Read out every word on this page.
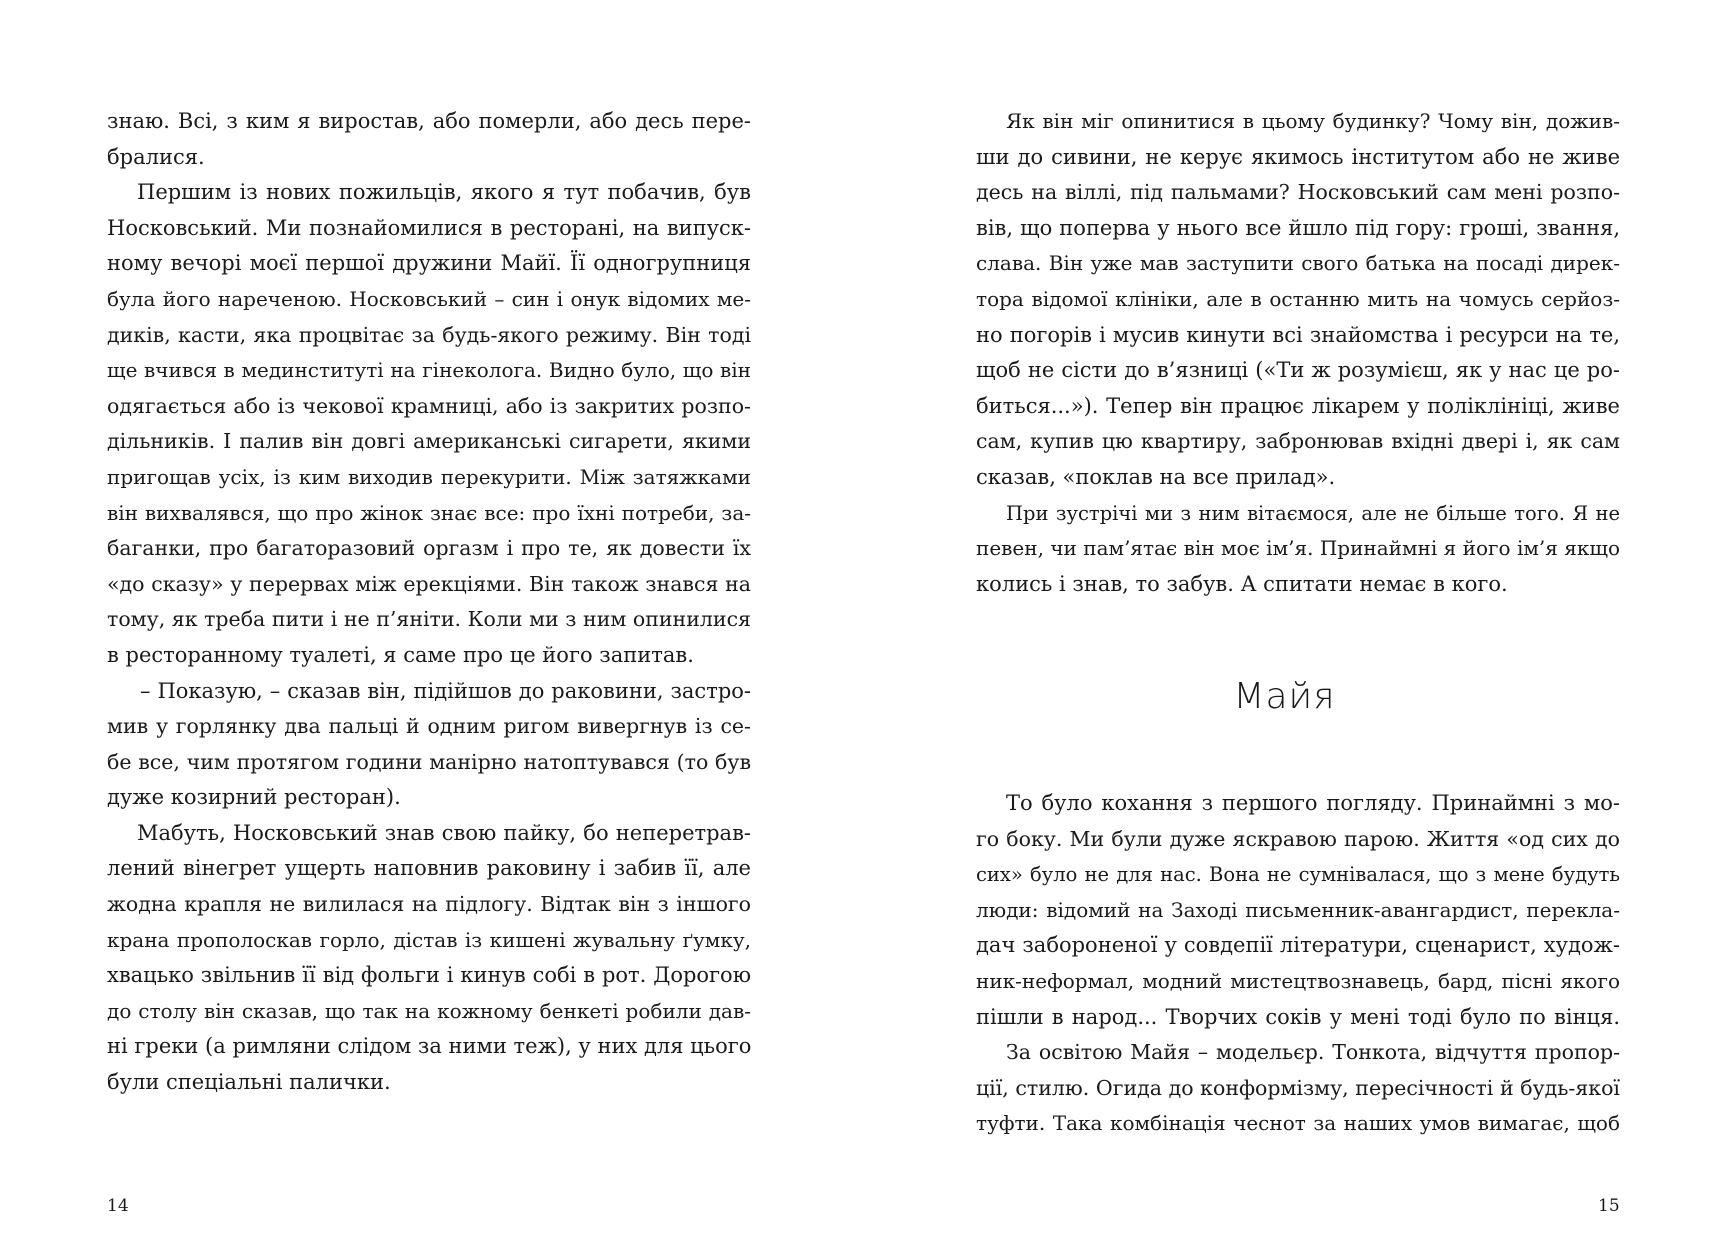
знаю. Всі, з ким я виростав, або померли, або десь пере-
бралися.
Першим із нових пожильців, якого я тут побачив, був
Носковський. Ми познайомилися в ресторані, на випуск-
ному вечорі моєї першої дружини Майї. Її одногрупниця
була його нареченою. Носковський – син і онук відомих ме-
диків, касти, яка процвітає за будь-якого режиму. Він тоді
ще вчився в мединституті на гінеколога. Видно було, що він
одягається або із чекової крамниці, або із закритих розпо-
дільників. І палив він довгі американські сигарети, якими
пригощав усіх, із ким виходив перекурити. Між затяжками
він вихвалявся, що про жінок знає все: про їхні потреби, за-
баганки, про багаторазовий оргазм і про те, як довести їх
«до сказу» у перервах між ерекціями. Він також знався на
тому, як треба пити і не п’яніти. Коли ми з ним опинилися
в ресторанному туалеті, я саме про це його запитав.
– Показую, – сказав він, підійшов до раковини, застро-
мив у горлянку два пальці й одним ригом вивергнув із се-
бе все, чим протягом години манірно натоптувався (то був
дуже козирний ресторан).
Мабуть, Носковський знав свою пайку, бо неперетрав-
лений вінегрет ущерть наповнив раковину і забив її, але
жодна крапля не вилилася на підлогу. Відтак він з іншого
крана прополоскав горло, дістав із кишені жувальну ґумку,
хвацько звільнив її від фольги і кинув собі в рот. Дорогою
до столу він сказав, що так на кожному бенкеті робили дав-
ні греки (а римляни слідом за ними теж), у них для цього
були спеціальні палички.
14
Як він міг опинитися в цьому будинку? Чому він, дожив-
ши до сивини, не керує якимось інститутом або не живе
десь на віллі, під пальмами? Носковський сам мені розпо-
вів, що поперва у нього все йшло під гору: гроші, звання,
слава. Він уже мав заступити свого батька на посаді дирек-
тора відомої клініки, але в останню мить на чомусь серйоз-
но погорів і мусив кинути всі знайомства і ресурси на те,
щоб не сісти до в’язниці («Ти ж розумієш, як у нас це ро-
биться...»). Тепер він працює лікарем у поліклініці, живе
сам, купив цю квартиру, забронював вхідні двері і, як сам
сказав, «поклав на все прилад».
При зустрічі ми з ним вітаємося, але не більше того. Я не
певен, чи пам’ятає він моє ім’я. Принаймні я його ім’я якщо
колись і знав, то забув. А спитати немає в кого.
Майя
То було кохання з першого погляду. Принаймні з мо-
го боку. Ми були дуже яскравою парою. Життя «од сих до
сих» було не для нас. Вона не сумнівалася, що з мене будуть
люди: відомий на Заході письменник-авангардист, перекла-
дач забороненої у совдепії літератури, сценарист, худож-
ник-неформал, модний мистецтвознавець, бард, пісні якого
пішли в народ... Творчих соків у мені тоді було по вінця.
За освітою Майя – модельєр. Тонкота, відчуття пропор-
ції, стилю. Огида до конформізму, пересічності й будь-якої
туфти. Така комбінація чеснот за наших умов вимагає, щоб
15
